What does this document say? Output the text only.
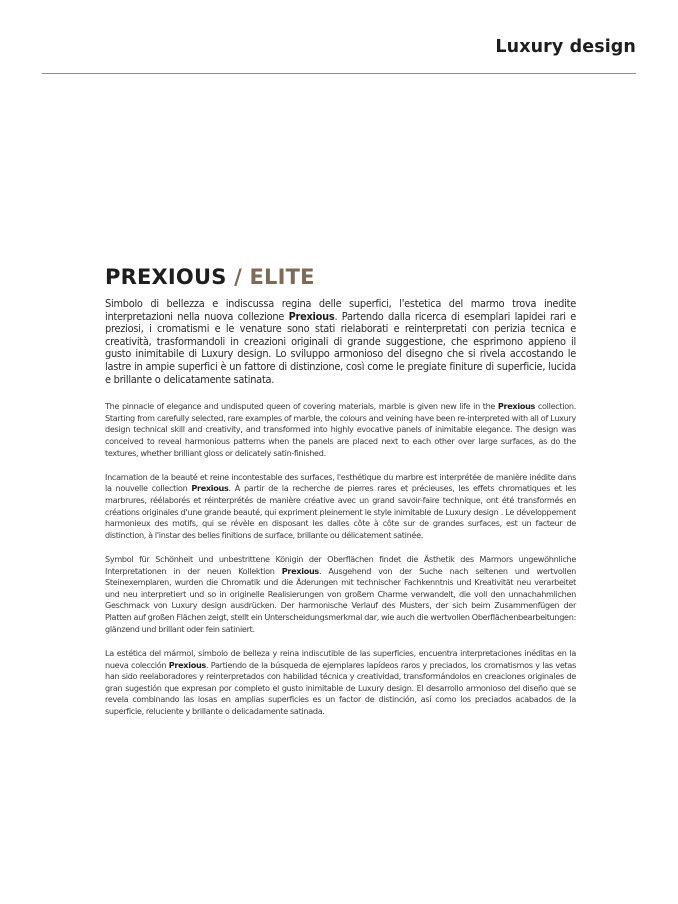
Luxury design
PREXIOUS / ELITE

Simbolo di bellezza e indiscussa regina delle superfici, l'estetica del marmo trova inedite interpretazioni nella nuova collezione Prexious. Partendo dalla ricerca di esemplari lapidei rari e preziosi, i cromatismi e le venature sono stati rielaborati e reinterpretati con perizia tecnica e creatività, trasformandoli in creazioni originali di grande suggestione, che esprimono appieno il gusto inimitabile di Luxury design. Lo sviluppo armonioso del disegno che si rivela accostando le lastre in ampie superfici è un fattore di distinzione, così come le pregiate finiture di superficie, lucida e brillante o delicatamente satinata.

The pinnacle of elegance and undisputed queen of covering materials, marble is given new life in the Prexious collection. Starting from carefully selected, rare examples of marble, the colours and veining have been re-interpreted with all of Luxury design technical skill and creativity, and transformed into highly evocative panels of inimitable elegance. The design was conceived to reveal harmonious patterns when the panels are placed next to each other over large surfaces, as do the textures, whether brilliant gloss or delicately satin-finished.

Incarnation de la beauté et reine incontestable des surfaces, l'esthétique du marbre est interprétée de manière inédite dans la nouvelle collection Prexious. À partir de la recherche de pierres rares et précieuses, les effets chromatiques et les marbrures, réélaborés et réinterprétés de manière créative avec un grand savoir-faire technique, ont été transformés en créations originales d'une grande beauté, qui expriment pleinement le style inimitable de Luxury design . Le développement harmonieux des motifs, qui se révèle en disposant les dalles côte à côte sur de grandes surfaces, est un facteur de distinction, à l'instar des belles finitions de surface, brillante ou délicatement satinée.

Symbol für Schönheit und unbestrittene Königin der Oberflächen findet die Ästhetik des Marmors ungewöhnliche Interpretationen in der neuen Kollektion Prexious. Ausgehend von der Suche nach seltenen und wertvollen Steinexemplaren, wurden die Chromatik und die Äderungen mit technischer Fachkenntnis und Kreativität neu verarbeitet und neu interpretiert und so in originelle Realisierungen von großem Charme verwandelt, die voll den unnachahmlichen Geschmack von Luxury design ausdrücken. Der harmonische Verlauf des Musters, der sich beim Zusammenfügen der Platten auf großen Flächen zeigt, stellt ein Unterscheidungsmerkmal dar, wie auch die wertvollen Oberflächenbearbeitungen: glänzend und brillant oder fein satiniert.

La estética del mármol, símbolo de belleza y reina indiscutible de las superficies, encuentra interpretaciones inéditas en la nueva colección Prexious. Partiendo de la búsqueda de ejemplares lapídeos raros y preciados, los cromatismos y las vetas han sido reelaboradores y reinterpretados con habilidad técnica y creatividad, transformándolos en creaciones originales de gran sugestión que expresan por completo el gusto inimitable de Luxury design. El desarrollo armonioso del diseño que se revela combinando las losas en amplias superficies es un factor de distinción, así como los preciados acabados de la superficie, reluciente y brillante o delicadamente satinada.
